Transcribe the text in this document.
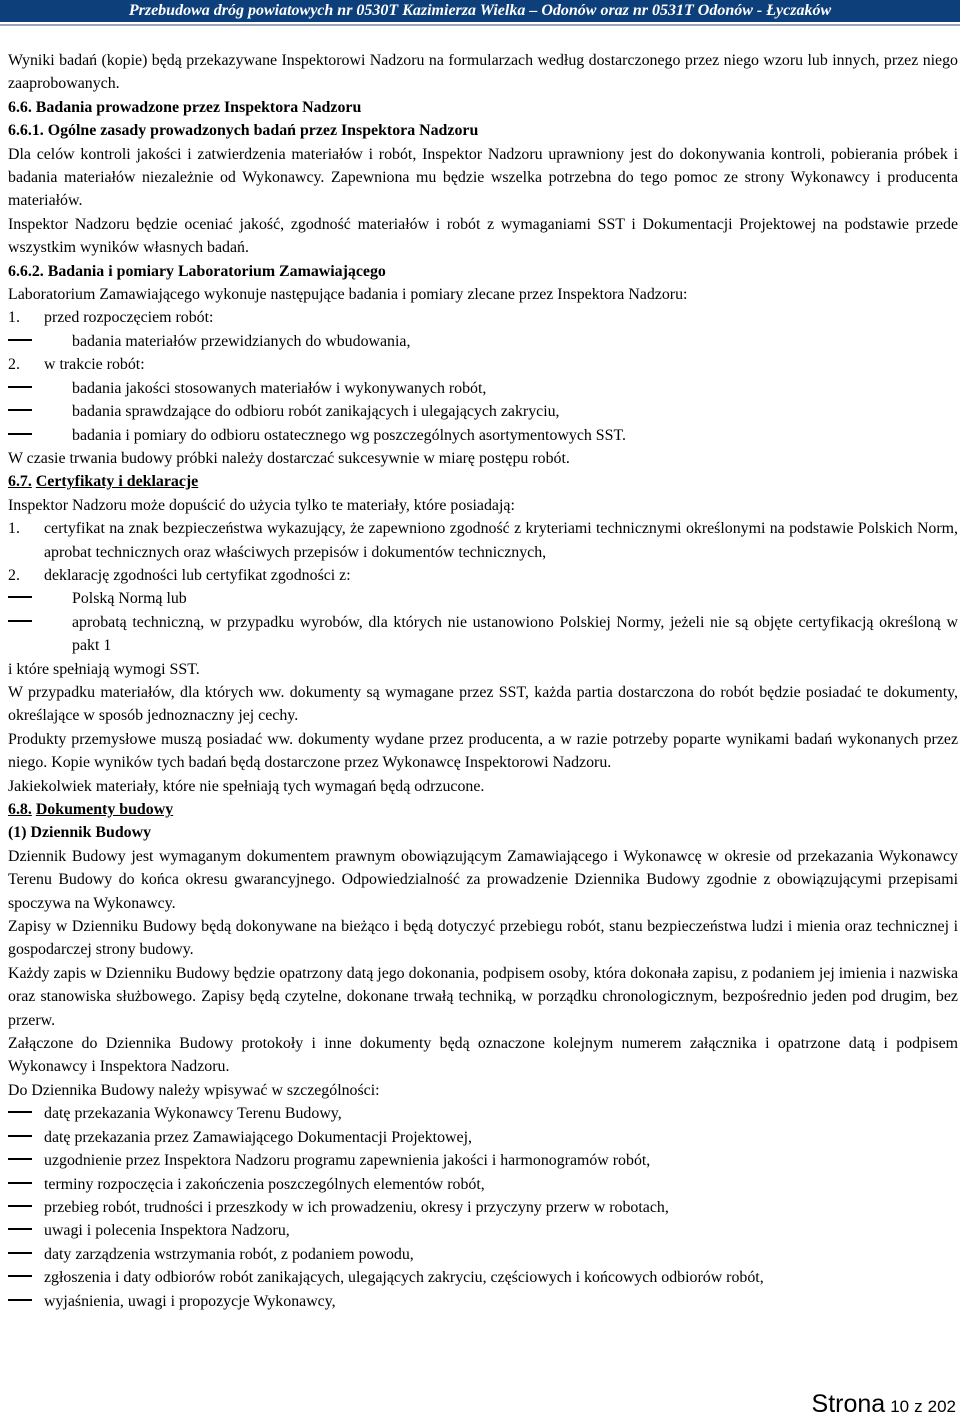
Przebudowa dróg powiatowych nr 0530T Kazimierza Wielka – Odonów oraz nr 0531T Odonów - Łyczaków

Wyniki badań (kopie) będą przekazywane Inspektorowi Nadzoru na formularzach według dostarczonego przez niego wzoru lub innych, przez niego zaaprobowanych.

6.6. Badania prowadzone przez Inspektora Nadzoru

6.6.1. Ogólne zasady prowadzonych badań przez Inspektora Nadzoru

Dla celów kontroli jakości i zatwierdzenia materiałów i robót, Inspektor Nadzoru uprawniony jest do dokonywania kontroli, pobierania próbek i badania materiałów niezależnie od Wykonawcy. Zapewniona mu będzie wszelka potrzebna do tego pomoc ze strony Wykonawcy i producenta materiałów.

Inspektor Nadzoru będzie oceniać jakość, zgodność materiałów i robót z wymaganiami SST i Dokumentacji Projektowej na podstawie przede wszystkim wyników własnych badań.

6.6.2. Badania i pomiary Laboratorium Zamawiającego

Laboratorium Zamawiającego wykonuje następujące badania i pomiary zlecane przez Inspektora Nadzoru:

1.	przed rozpoczęciem robót:
badania materiałów przewidzianych do wbudowania,
2.	w trakcie robót:
badania jakości stosowanych materiałów i wykonywanych robót,
badania sprawdzające do odbioru robót zanikających i ulegających zakryciu,
badania i pomiary do odbioru ostatecznego wg poszczególnych asortymentowych SST.

W czasie trwania budowy próbki należy dostarczać sukcesywnie w miarę postępu robót.

6.7. Certyfikaty i deklaracje

Inspektor Nadzoru może dopuścić do użycia tylko te materiały, które posiadają:

1.	certyfikat na znak bezpieczeństwa wykazujący, że zapewniono zgodność z kryteriami technicznymi określonymi na podstawie Polskich Norm, aprobat technicznych oraz właściwych przepisów i dokumentów technicznych,
2.	deklarację zgodności lub certyfikat zgodności z:
Polską Normą lub
aprobatą techniczną, w przypadku wyrobów, dla których nie ustanowiono Polskiej Normy, jeżeli nie są objęte certyfikacją określoną w pakt 1

i które spełniają wymogi SST.

W przypadku materiałów, dla których ww. dokumenty są wymagane przez SST, każda partia dostarczona do robót będzie posiadać te dokumenty, określające w sposób jednoznaczny jej cechy.

Produkty przemysłowe muszą posiadać ww. dokumenty wydane przez producenta, a w razie potrzeby poparte wynikami badań wykonanych przez niego. Kopie wyników tych badań będą dostarczone przez Wykonawcę Inspektorowi Nadzoru.

Jakiekolwiek materiały, które nie spełniają tych wymagań będą odrzucone.

6.8. Dokumenty budowy

(1) Dziennik Budowy

Dziennik Budowy jest wymaganym dokumentem prawnym obowiązującym Zamawiającego i Wykonawcę w okresie od przekazania Wykonawcy Terenu Budowy do końca okresu gwarancyjnego. Odpowiedzialność za prowadzenie Dziennika Budowy zgodnie z obowiązującymi przepisami spoczywa na Wykonawcy.

Zapisy w Dzienniku Budowy będą dokonywane na bieżąco i będą dotyczyć przebiegu robót, stanu bezpieczeństwa ludzi i mienia oraz technicznej i gospodarczej strony budowy.

Każdy zapis w Dzienniku Budowy będzie opatrzony datą jego dokonania, podpisem osoby, która dokonała zapisu, z podaniem jej imienia i nazwiska oraz stanowiska służbowego. Zapisy będą czytelne, dokonane trwałą techniką, w porządku chronologicznym, bezpośrednio jeden pod drugim, bez przerw.

Załączone do Dziennika Budowy protokoły i inne dokumenty będą oznaczone kolejnym numerem załącznika i opatrzone datą i podpisem Wykonawcy i Inspektora Nadzoru.

Do Dziennika Budowy należy wpisywać w szczególności:

datę przekazania Wykonawcy Terenu Budowy,
datę przekazania przez Zamawiającego Dokumentacji Projektowej,
uzgodnienie przez Inspektora Nadzoru programu zapewnienia jakości i harmonogramów robót,
terminy rozpoczęcia i zakończenia poszczególnych elementów robót,
przebieg robót, trudności i przeszkody w ich prowadzeniu, okresy i przyczyny przerw w robotach,
uwagi i polecenia Inspektora Nadzoru,
daty zarządzenia wstrzymania robót, z podaniem powodu,
zgłoszenia i daty odbiorów robót zanikających, ulegających zakryciu, częściowych i końcowych odbiorów robót,
wyjaśnienia, uwagi i propozycje Wykonawcy,
Strona 10 z 202
